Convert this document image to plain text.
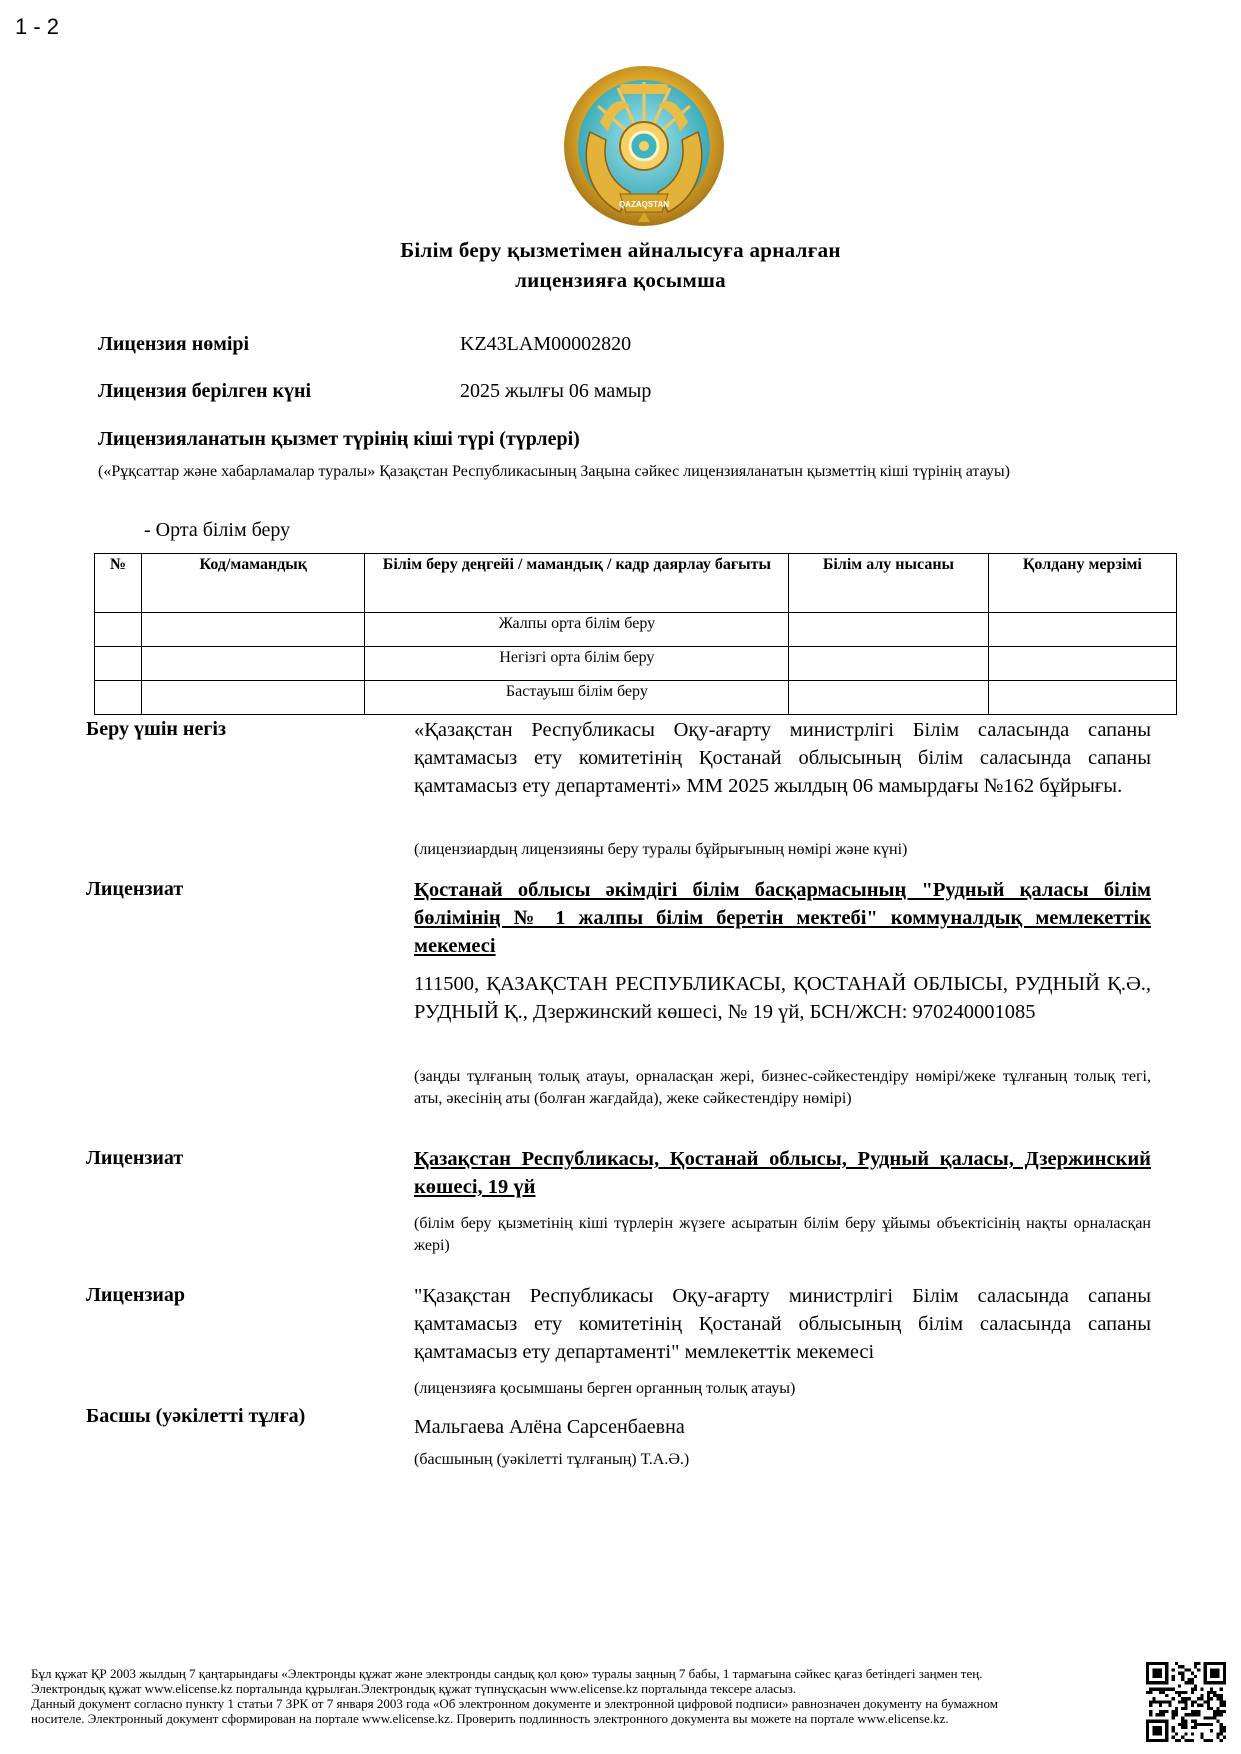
1 - 2
QAZAQSTAN
Білім беру қызметімен айналысуға арналған
лицензияға қосымша
Лицензия нөмірі	KZ43LAM00002820
Лицензия берілген күні	2025 жылғы 06 мамыр
Лицензияланатын қызмет түрінің кіші түрі (түрлері)
(«Рұқсаттар және хабарламалар туралы» Қазақстан Республикасының Заңына сәйкес лицензияланатын қызметтің кіші түрінің атауы)
- Орта білім беру
№	Код/мамандық	Білім беру деңгейі / мамандық / кадр даярлау бағыты	Білім алу нысаны	Қолдану мерзімі
		Жалпы орта білім беру		
		Негізгі орта білім беру		
		Бастауыш білім беру		
Беру үшін негіз	«Қазақстан Республикасы Оқу-ағарту министрлігі Білім саласында сапаны қамтамасыз ету комитетінің Қостанай облысының білім саласында сапаны қамтамасыз ету департаменті» ММ 2025 жылдың 06 мамырдағы №162 бұйрығы.
(лицензиардың лицензияны беру туралы бұйрығының нөмірі және күні)
Лицензиат	Қостанай облысы әкімдігі білім басқармасының "Рудный қаласы білім бөлімінің № 1 жалпы білім беретін мектебі" коммуналдық мемлекеттік мекемесі
111500, ҚАЗАҚСТАН РЕСПУБЛИКАСЫ, ҚОСТАНАЙ ОБЛЫСЫ, РУДНЫЙ Қ.Ә., РУДНЫЙ Қ., Дзержинский көшесі, № 19 үй, БСН/ЖСН: 970240001085
(заңды тұлғаның толық атауы, орналасқан жері, бизнес-сәйкестендіру нөмірі/жеке тұлғаның толық тегі, аты, әкесінің аты (болған жағдайда), жеке сәйкестендіру нөмірі)
Лицензиат	Қазақстан Республикасы, Қостанай облысы, Рудный қаласы, Дзержинский көшесі, 19 үй
(білім беру қызметінің кіші түрлерін жүзеге асыратын білім беру ұйымы объектісінің нақты орналасқан жері)
Лицензиар	"Қазақстан Республикасы Оқу-ағарту министрлігі Білім саласында сапаны қамтамасыз ету комитетінің Қостанай облысының білім саласында сапаны қамтамасыз ету департаменті" мемлекеттік мекемесі
(лицензияға қосымшаны берген органның толық атауы)
Басшы (уәкілетті тұлға)	Мальгаева Алёна Сарсенбаевна
(басшының (уәкілетті тұлғаның) Т.А.Ә.)
Бұл құжат ҚР 2003 жылдың 7 қаңтарындағы «Электронды құжат және электронды сандық қол қою» туралы заңның 7 бабы, 1 тармағына сәйкес қағаз бетіндегі заңмен тең.
Электрондық құжат www.elicense.kz порталында құрылған.Электрондық құжат түпнұсқасын www.elicense.kz порталында тексере аласыз.
Данный документ согласно пункту 1 статьи 7 ЗРК от 7 января 2003 года «Об электронном документе и электронной цифровой подписи» равнозначен документу на бумажном
носителе. Электронный документ сформирован на портале www.elicense.kz. Проверить подлинность электронного документа вы можете на портале www.elicense.kz.
